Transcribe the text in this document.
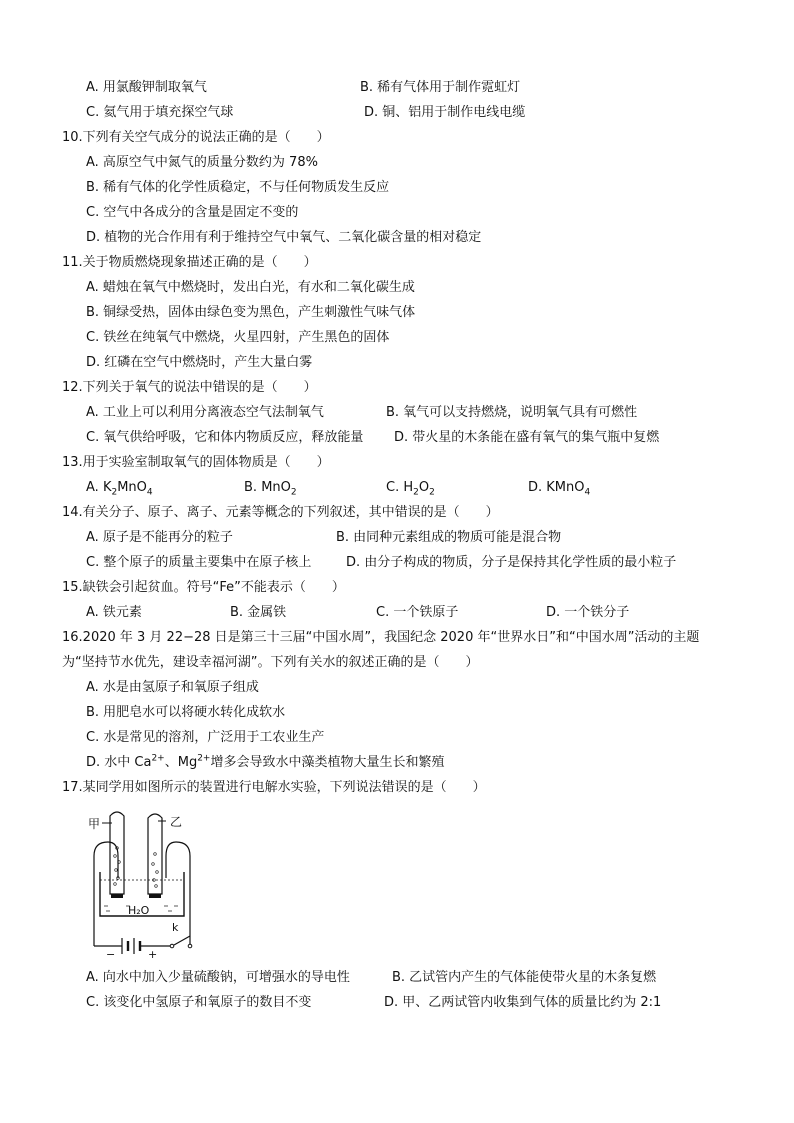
A. 用氯酸钾制取氧气	B. 稀有气体用于制作霓虹灯
C. 氦气用于填充探空气球	D. 铜、铝用于制作电线电缆
10.下列有关空气成分的说法正确的是（　　）
A. 高原空气中氮气的质量分数约为 78%
B. 稀有气体的化学性质稳定，不与任何物质发生反应
C. 空气中各成分的含量是固定不变的
D. 植物的光合作用有利于维持空气中氧气、二氧化碳含量的相对稳定
11.关于物质燃烧现象描述正确的是（　　）
A. 蜡烛在氧气中燃烧时，发出白光，有水和二氧化碳生成
B. 铜绿受热，固体由绿色变为黑色，产生刺激性气味气体
C. 铁丝在纯氧气中燃烧，火星四射，产生黑色的固体
D. 红磷在空气中燃烧时，产生大量白雾
12.下列关于氧气的说法中错误的是（　　）
A. 工业上可以利用分离液态空气法制氧气	B. 氧气可以支持燃烧，说明氧气具有可燃性
C. 氧气供给呼吸，它和体内物质反应，释放能量 D. 带火星的木条能在盛有氧气的集气瓶中复燃
13.用于实验室制取氧气的固体物质是（　　）
A. $K_2MnO_4$	B. MnO$_2$	C. $H_2O_2$	D. KMnO$_4$
14.有关分子、原子、离子、元素等概念的下列叙述，其中错误的是（　　）
A. 原子是不能再分的粒子	B. 由同种元素组成的物质可能是混合物
C. 整个原子的质量主要集中在原子核上	D. 由分子构成的物质，分子是保持其化学性质的最小粒子
15.缺铁会引起贫血。符号“Fe”不能表示（　　）
A. 铁元素	B. 金属铁	C. 一个铁原子	D. 一个铁分子
16.2020 年 3 月 22−28 日是第三十三届“中国水周”，我国纪念 2020 年“世界水日”和“中国水周”活动的主题
为“坚持节水优先，建设幸福河湖”。下列有关水的叙述正确的是（　　）
A. 水是由氢原子和氧原子组成
B. 用肥皂水可以将硬水转化成软水
C. 水是常见的溶剂，广泛用于工农业生产
D. 水中 $Ca^{2+}$、$Mg^{2+}$增多会导致水中藻类植物大量生长和繁殖
17.某同学用如图所示的装置进行电解水实验，下列说法错误的是（　　）
甲	乙
H₂O
k
−	+
A. 向水中加入少量硫酸钠，可增强水的导电性	B. 乙试管内产生的气体能使带火星的木条复燃
C. 该变化中氢原子和氧原子的数目不变	D. 甲、乙两试管内收集到气体的质量比约为 2:1
